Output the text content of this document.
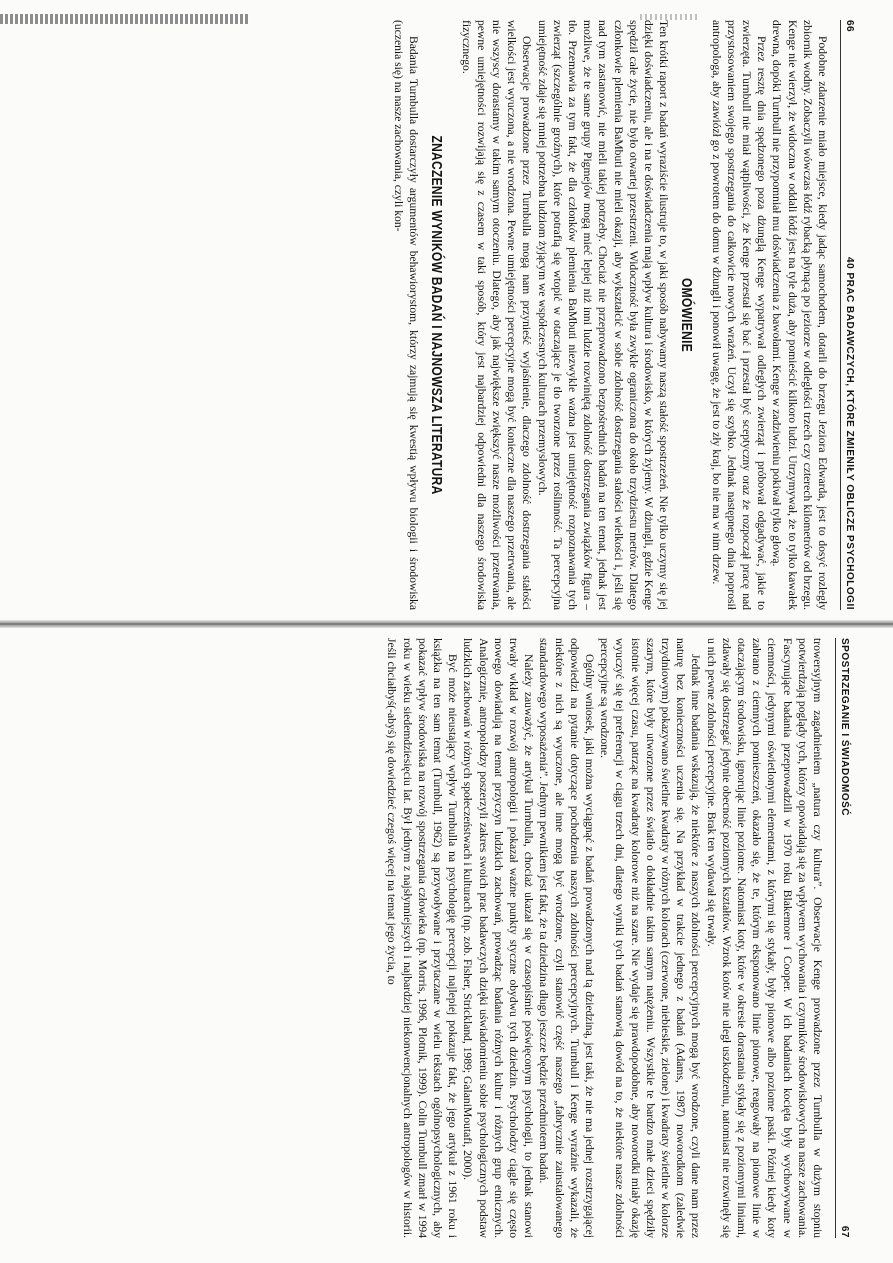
66
40 PRAC BADAWCZYCH, KTÓRE ZMIENIŁY OBLICZE PSYCHOLOGII

Podobne zdarzenie miało miejsce, kiedy jadąc samochodem, dotarli do brzegu Jeziora Edwarda, jest to dosyć rozległy zbiornik wodny. Zobaczyli wówczas łódź rybacką płynącą po jeziorze w odległości trzech czy czterech kilometrów od brzegu. Kenge nie wierzył, że widoczna w oddali łódź jest na tyle duża, aby pomieścić kilkoro ludzi. Utrzymywał, że to tylko kawałek drewna, dopóki Turnbull nie przypomniał mu doświadczenia z bawołami. Kenge w zadziwieniu pokiwał tylko głową.

Przez resztę dnia spędzonego poza dżunglą Kenge wypatrywał odległych zwierząt i próbował odgadywać, jakie to zwierzęta. Turnbull nie miał wątpliwości, że Kenge przestał się bać i przestał być sceptyczny oraz że rozpoczął pracę nad przystosowaniem swojego spostrzegania do całkowicie nowych wrażeń. Uczył się szybko. Jednak następnego dnia poprosił antropologa, aby zawiózł go z powrotem do domu w dżungli i ponowił uwagę, że jest to zły kraj, bo nie ma w nim drzew.

OMÓWIENIE

Ten krótki raport z badań wyraziście ilustruje to, w jaki sposób nabywamy naszą stałość spostrzeżeń. Nie tylko uczymy się jej dzięki doświadczeniu, ale i na te doświadczenia mają wpływ kultura i środowisko, w których żyjemy. W dżungli, gdzie Kenge spędził całe życie, nie było otwartej przestrzeni. Widoczność była zwykle ograniczona do około trzydziestu metrów. Dlatego członkowie plemienia BaMbuti nie mieli okazji, aby wykształcić w sobie zdolność dostrzegania stałości wielkości i, jeśli się nad tym zastanowić, nie mieli takiej potrzeby. Chociaż nie przeprowadzono bezpośrednich badań na ten temat, jednak jest możliwe, że te same grupy Pigmejów mogą mieć lepiej niż inni ludzie rozwiniętą zdolność dostrzegania związków figura – tło. Przemawia za tym fakt, że dla członków plemienia BaMbuti niezwykle ważna jest umiejętność rozpoznawania tych zwierząt (szczególnie groźnych), które potrafią się wtopić w otaczające je tło tworzone przez roślinność. Ta percepcyjna umiejętność zdaje się mniej potrzebna ludziom żyjącym we współczesnych kulturach przemysłowych.

Obserwacje prowadzone przez Turnbulla mogą nam przynieść wyjaśnienie, dlaczego zdolność dostrzegania stałości wielkości jest wyuczona, a nie wrodzona. Pewne umiejętności percepcyjne mogą być konieczne dla naszego przetrwania, ale nie wszyscy dorastamy w takim samym otoczeniu. Dlatego, aby jak największe zwiększyć nasze możliwości przetrwania, pewne umiejętności rozwijają się z czasem w taki sposób, który jest najbardziej odpowiedni dla naszego środowiska fizycznego.

ZNACZENIE WYNIKÓW BADAŃ I NAJNOWSZA LITERATURA

Badania Turnbulla dostarczyły argumentów behawiorystom, którzy zajmują się kwestią wpływu biologii i środowiska (uczenia się) na nasze zachowania, czyli kon-

SPOSTRZEGANIE I ŚWIADOMOŚĆ
67

trowersyjnym zagadnieniem „natura czy kultura”. Obserwacje Kenge prowadzone przez Turnbulla w dużym stopniu potwierdzają poglądy tych, którzy opowiadają się za wpływem wychowania i czynników środowiskowych na nasze zachowania. Fascynujące badania przeprowadzili w 1970 roku Blakemore i Cooper. W ich badaniach kocięta były wychowywane w ciemności, jedynymi oświetlonymi elementami, z którymi się stykały, były pionowe albo poziome paski. Później kiedy koty zabrano z ciemnych pomieszczeń, okazało się, że te, którym eksponowano linie pionowe, reagowały na pionowe linie w otaczającym środowisku, ignorując linie poziome. Natomiast koty, które w okresie dorastania stykały się z poziomymi liniami, zdawały się dostrzegać jedynie obecność poziomych kształtów. Wzrok kotów nie uległ uszkodzeniu, natomiast nie rozwinęły się u nich pewne zdolności percepcyjne. Brak ten wydawał się trwały.

Jednak inne badania wskazują, że niektóre z naszych zdolności percepcyjnych mogą być wrodzone, czyli dane nam przez naturę bez konieczności uczenia się. Na przykład w trakcie jednego z badań (Adams, 1987) noworodkom (zaledwie trzydniowym) pokazywano świetlne kwadraty w różnych kolorach (czerwone, niebieskie, zielone) i kwadraty świetlne w kolorze szarym, które były utworzone przez światło o dokładnie takim samym natężeniu. Wszystkie te bardzo małe dzieci spędziły istotnie więcej czasu, patrząc na kwadraty kolorowe niż na szare. Nie wydaje się prawdopodobne, aby noworodki miały okazję wyuczyć się tej preferencji w ciągu trzech dni, dlatego wyniki tych badań stanowią dowód na to, że niektóre nasze zdolności percepcyjne są wrodzone.

Ogólny wniosek, jaki można wyciągnąć z badań prowadzonych nad tą dziedziną, jest taki, że nie ma jednej rozstrzygającej odpowiedzi na pytanie dotyczące pochodzenia naszych zdolności percepcyjnych. Turnbull i Kenge wyraźnie wykazali, że niektóre z nich są wyuczone, ale inne mogą być wrodzone, czyli stanowić część naszego „fabrycznie zainstalowanego standardowego wyposażenia”. Jednym pewnikiem jest fakt, że ta dziedzina długo jeszcze będzie przedmiotem badań.

Należy zauważyć, że artykuł Turnbulla, chociaż ukazał się w czasopiśmie poświęconym psychologii, to jednak stanowi trwały wkład w rozwój antropologii i pokazał ważne punkty styczne obydwu tych dziedzin. Psycholodzy ciągle się często nowego dowiadują na temat przyczyn ludzkich zachowań, prowadząc badania różnych kultur i różnych grup etnicznych. Analogicznie, antropolodzy poszerzyli zakres swoich prac badawczych dzięki uświadomieniu sobie psychologicznych podstaw ludzkich zachowań w różnych społeczeństwach i kulturach (np. zob. Fisher, Strickland, 1989; GalaniMoutafi, 2000).

Być może nieustający wpływ Turnbulla na psychologię percepcji najlepiej pokazuje fakt, że jego artykuł z 1961 roku i książka na ten sam temat (Turnbull, 1962) są przywoływane i przytaczane w wielu tekstach ogólnopsychologicznych, aby pokazać wpływ środowiska na rozwój spostrzegania człowieka (np. Morris, 1996, Plotnik, 1999). Colin Turnbull zmarł w 1994 roku w wieku siedemdziesięciu lat. Był jednym z najsłynniejszych i najbardziej niekonwencjonalnych antropologów w historii. Jeśli chciałbyś(-abyś) się dowiedzieć czegoś więcej na temat jego życia, to
